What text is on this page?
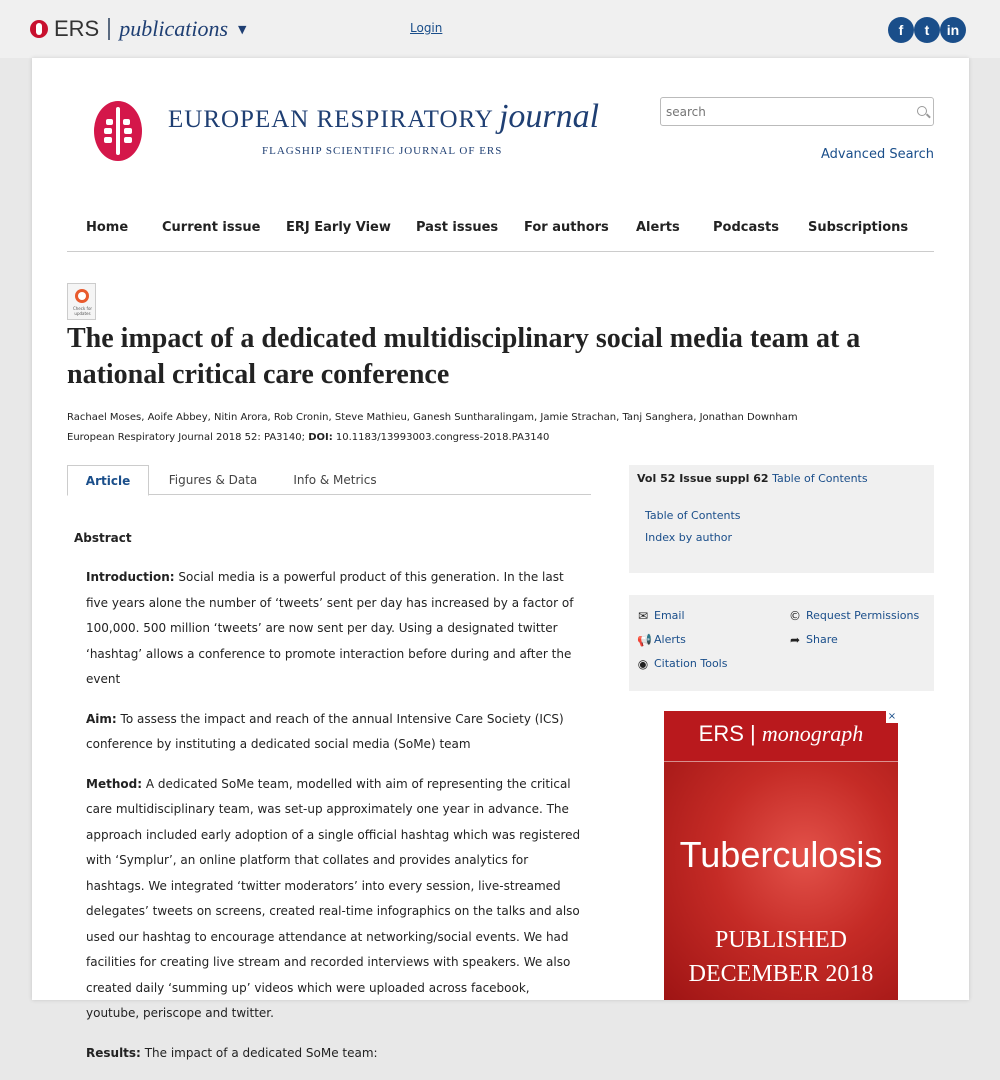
ERS publications ▼	Login	f	t	in
EUROPEAN RESPIRATORY journal
FLAGSHIP SCIENTIFIC JOURNAL OF ERS
search	Advanced Search
Home	Current issue ERJ Early View Past issues For authors Alerts	Podcasts Subscriptions
Check for updates
The impact of a dedicated multidisciplinary social media team at a national critical care conference
Rachael Moses, Aoife Abbey, Nitin Arora, Rob Cronin, Steve Mathieu, Ganesh Suntharalingam, Jamie Strachan, Tanj Sanghera, Jonathan Downham
European Respiratory Journal 2018 52: PA3140; DOI: 10.1183/13993003.congress-2018.PA3140
Article	Figures & Data	Info & Metrics
Abstract

Introduction: Social media is a powerful product of this generation. In the last five years alone the number of ‘tweets’ sent per day has increased by a factor of 100,000. 500 million ‘tweets’ are now sent per day. Using a designated twitter ‘hashtag’ allows a conference to promote interaction before during and after the event

Aim: To assess the impact and reach of the annual Intensive Care Society (ICS) conference by instituting a dedicated social media (SoMe) team

Method: A dedicated SoMe team, modelled with aim of representing the critical care multidisciplinary team, was set-up approximately one year in advance. The approach included early adoption of a single official hashtag which was registered with ‘Symplur’, an online platform that collates and provides analytics for hashtags. We integrated ‘twitter moderators’ into every session, live-streamed delegates’ tweets on screens, created real-time infographics on the talks and also used our hashtag to encourage attendance at networking/social events. We had facilities for creating live stream and recorded interviews with speakers. We also created daily ‘summing up’ videos which were uploaded across facebook, youtube, periscope and twitter.

Results: The impact of a dedicated SoMe team:

Vol 52 Issue suppl 62 Table of Contents
Table of Contents
Index by author
✉ Email	© Request Permissions
📢 Alerts	➦ Share
◉ Citation Tools
×
ERS | monograph
Tuberculosis
PUBLISHED
DECEMBER 2018
